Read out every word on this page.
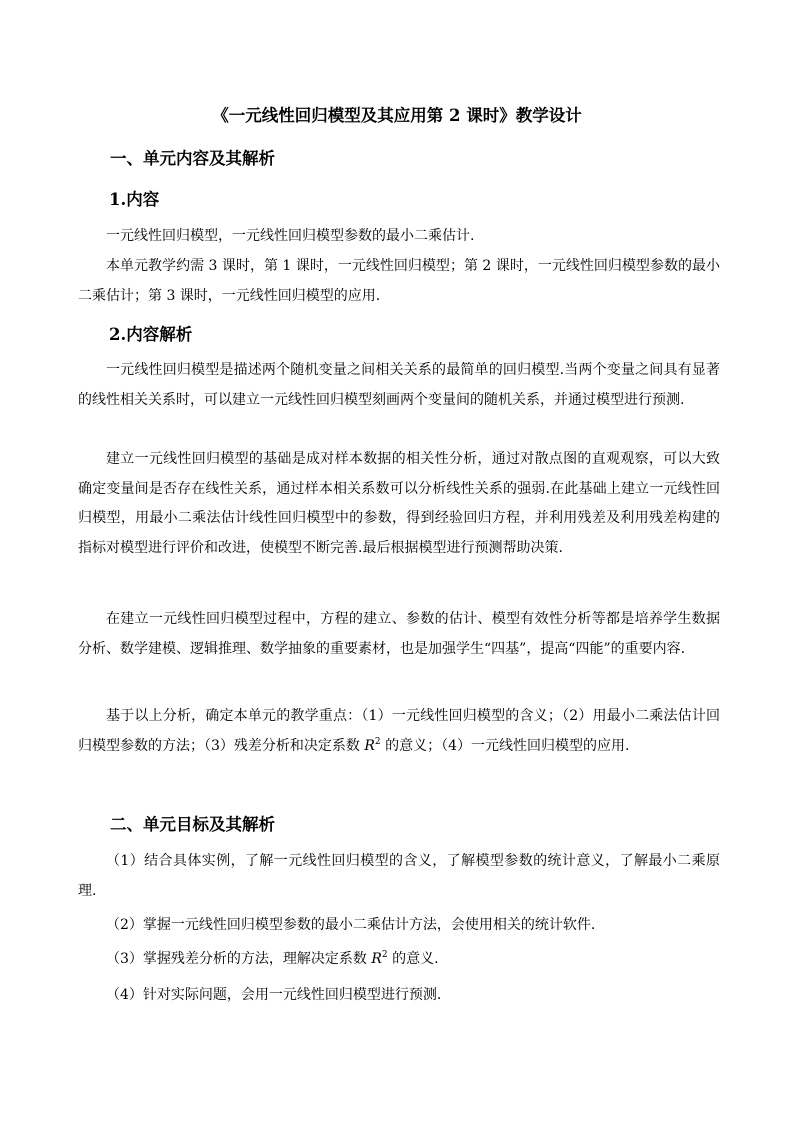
《一元线性回归模型及其应用第 2 课时》教学设计
一、单元内容及其解析
1.内容

一元线性回归模型，一元线性回归模型参数的最小二乘估计.

本单元教学约需 3 课时，第 1 课时，一元线性回归模型；第 2 课时，一元线性回归模型参数的最小二乘估计；第 3 课时，一元线性回归模型的应用.

2.内容解析

一元线性回归模型是描述两个随机变量之间相关关系的最简单的回归模型.当两个变量之间具有显著的线性相关关系时，可以建立一元线性回归模型刻画两个变量间的随机关系，并通过模型进行预测.

建立一元线性回归模型的基础是成对样本数据的相关性分析，通过对散点图的直观观察，可以大致确定变量间是否存在线性关系，通过样本相关系数可以分析线性关系的强弱.在此基础上建立一元线性回归模型，用最小二乘法估计线性回归模型中的参数，得到经验回归方程，并利用残差及利用残差构建的指标对模型进行评价和改进，使模型不断完善.最后根据模型进行预测帮助决策.

在建立一元线性回归模型过程中，方程的建立、参数的估计、模型有效性分析等都是培养学生数据分析、数学建模、逻辑推理、数学抽象的重要素材，也是加强学生“四基”，提高“四能”的重要内容.

基于以上分析，确定本单元的教学重点：（1）一元线性回归模型的含义；（2）用最小二乘法估计回归模型参数的方法；（3）残差分析和决定系数 $R^2$ 的意义；（4）一元线性回归模型的应用.

二、单元目标及其解析

（1）结合具体实例，了解一元线性回归模型的含义，了解模型参数的统计意义，了解最小二乘原理.

（2）掌握一元线性回归模型参数的最小二乘估计方法，会使用相关的统计软件.

（3）掌握残差分析的方法，理解决定系数 $R^2$ 的意义.

（4）针对实际问题，会用一元线性回归模型进行预测.
